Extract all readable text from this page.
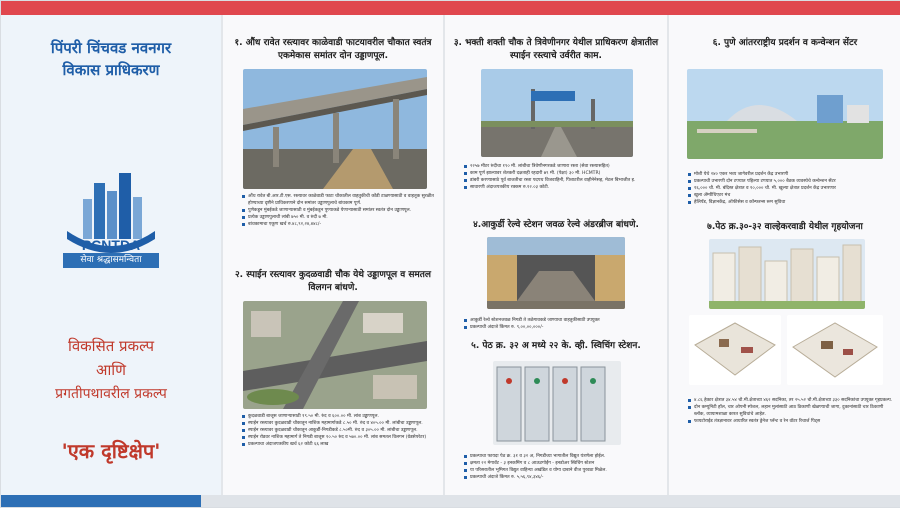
पिंपरी चिंचवड नवनगर
विकास प्राधिकरण
PCNTDA
सेवा श्रद्धासमन्विता
विकसित प्रकल्प
आणि
प्रगतीपथावरील प्रकल्प
'एक दृष्टिक्षेप'
१. औंध रावेत रस्त्यावर काळेवाडी फाटयावरील चौकात स्वतंत्र एकमेकास समांतर दोन उड्डाणपूल.
औंध रावेत बी.आर.टी.एस. रस्त्यावर काळेवाडी फाटा चौकातील वाहतुकीची कोंडी टाळण्यासाठी व वाहतूक सुरळीत होण्याच्या दृष्टीने प्राधिकरणाने दोन समांतर उड्डाणपुलाचे बांधकाम पूर्ण.
पुणेकडून मुंबईकडे जाणाऱ्यासाठी व मुंबईकडून पुण्याकडे येणाऱ्यासाठी समांतर स्वतंत्र दोन उड्डाणपूल.
प्रत्येक उड्डाणपुलाची लांबी ७५० मी. व रुंदी ७ मी.
बांधकामाचा एकूण खर्च रु.४८,९२,२४,४४८/-
२. स्पाईन रस्त्यावर कुदळवाडी चौक येथे उड्डाणपूल व समतल विलगन बांधणे.
कुदळवाडी बाजूस जाणाऱ्यासाठी १९.५० मी. रुंद व ६००.०० मी. लांब उड्डाणपूल.
स्पाईन रस्त्यावर कुदळवाडी चौकातून नाशिक महामार्गाकडे ८.५० मी. रुंद व ४०५.०० मी. लांबीचा उड्डाणपूल.
स्पाईन रस्त्यावर कुदळवाडी चौकातून आकुर्डी-निगडीकडे ८.५०मी. रुंद व ३०५.०० मी. लांबीचा उड्डाणपूल.
स्पाईन रोडवर नाशिक महामार्ग ते निगडी बाजूस १०.५० रुंद व ५७०.०० मी. लांब समतल विलगन (ग्रेडसेपरेटर)
प्रकल्पाचा अंदाजपत्रकीय खर्च ६२ कोटी ६६ लाख
३. भक्ती शक्ती चौक ते त्रिवेणीनगर येथील प्राधिकरण क्षेत्रातील स्पाईन रस्त्याचे उर्वरीत काम.
२२५७ मीटर रुंदीचा १९० मी. लांबीचा त्रिवेणीनगरकडे जाणारा रस्ता (सेवा रस्त्यासहित)
काम पूर्ण झाल्यावर शेतकरी दक्षताही रहदारी ७९ मी. (पेक्षा) ३० मी. HCMTR)
डांबरी करण्यासाठे पूर्व बाजतीचा रस्ता पदपथ विजवाहिनी, पिशाटरील वाहीनेनेसह, मेटल बिभाजीत इ.
साधारणी अंदाजपत्रकीय रक्कम रु.१२.०३ कोटी.
४.आकुर्डी रेल्वे स्टेशन जवळ रेल्वे अंडरब्रीज बांधणे.
आकुर्डी रेल्वे स्टेशनजवळ निगडी ते तळेगावकडे जाण्याचा वाहतुकीसाठी उपयुक्त
प्रकल्पाची अंदाजे किंमत रु. ९,००,००,०००/-
५. पेठ क्र. ३२ अ मध्ये २२ के. व्ही. स्विचिंग स्टेशन.
प्रकल्पाचा फायदा पेठ क्र. ३१ व ३२ अ, निगडीच्या भागातील विद्युत यंत्रणेला होईल.
क्षमता २२ मेगावॅट - ३ इनकमिंग व ८ आऊटगोईंग - इनडोअर स्विचिंग स्टेशन
या परिसरातील भूमिगत विद्युत वाहिन्या अखंडित व योग्य दाबाने वीज पुरवठा मिळेल.
प्रकल्पाची अंदाजे किंमत रु. ५,५६,९४,३४६/-
६. पुणे आंतरराष्ट्रीय प्रदर्शन व कन्वेन्शन सेंटर
मोशी येथे २४० एकर भव्य जागेवरील प्रदर्शन केंद्र उभारणी
प्रकल्पाची उभारणी दोन टप्प्यात पहिल्या टप्प्यात ५,००० बैठक व्यवस्थेचे कन्वेन्शन सेंटर
१६,००० चौ. मी. बंदिस्त क्षेत्रात व १०,००० चौ. मी. खुल्या क्षेत्रात प्रदर्शन केंद्र उभारणार
खुला अ‍ॅम्पीथिएटर मंच
हेलिपॅड, विज्ञानकेंद्र, ऑफीसेस व कॉन्फरन्स रूम सुविधा
७.पेठ क्र.३०-३२ वाल्हेकरवाडी येथील गृहयोजना
४.८६ हेक्टर क्षेत्रात ३४.५४ चौ.मी.क्षेत्राच्या ४६२ सदनिका, तर २५.५२ चौ.मी.क्षेत्राच्या ३३० सदनिकांचा उपयुक्त गृहप्रकल्प.
दोन कम्युनिटी हॉल, चार ओपनी स्पेशल, लहान मुलांसाठी आठ ठिकाणी खेळण्याची जागा, दुकानांसाठी चार ठिकाणी ब्लॉक, व्यायामशाळा कारत सुविधांचे आहेत.
फायटोराईड तंत्रज्ञानावर आधारित स्वतंत्र ड्रेनेज प्लॅन्ट व रेन वॉटर रिचार्ज पिट्स
